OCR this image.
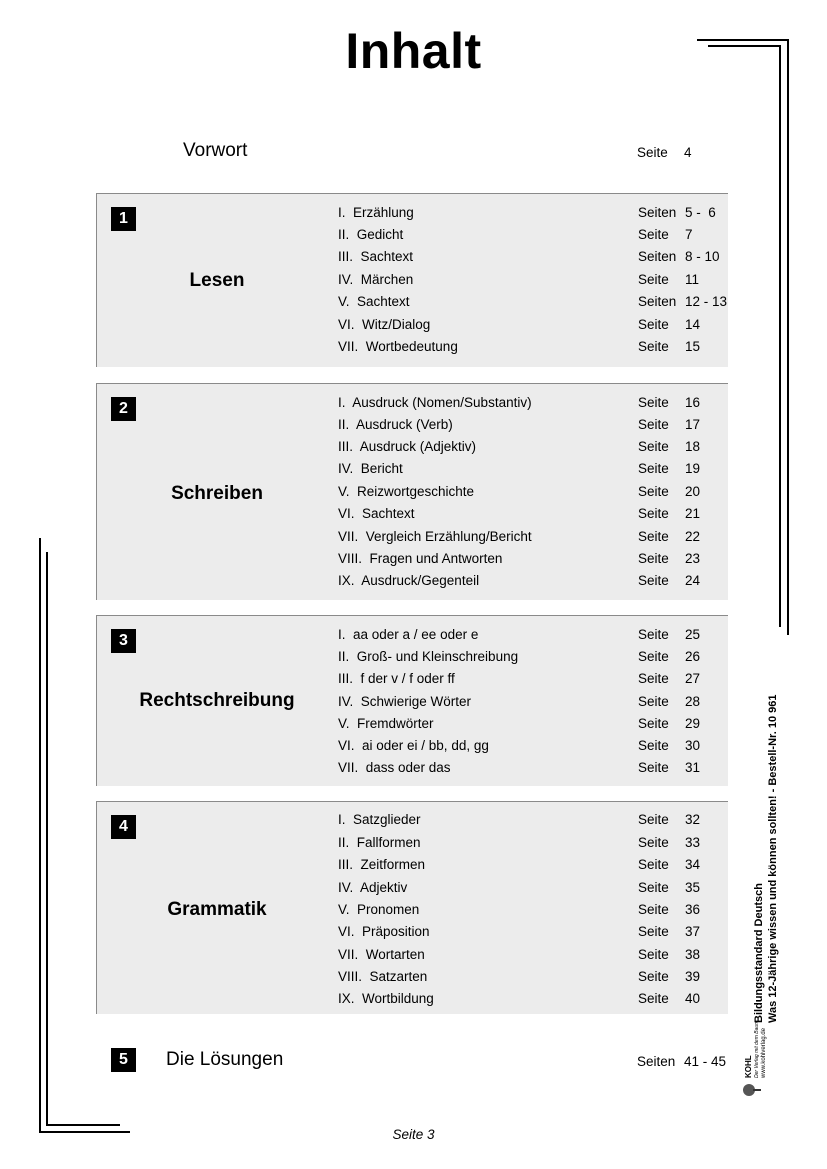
Inhalt
Vorwort	Seite 4
1
Lesen
I.  Erzählung	Seiten 5 -  6
II.  Gedicht	Seite 7
III.  Sachtext	Seiten 8 - 10
IV.  Märchen	Seite 11
V.  Sachtext	Seiten 12 - 13
VI.  Witz/Dialog	Seite 14
VII.  Wortbedeutung	Seite 15
2
Schreiben
I.  Ausdruck (Nomen/Substantiv)	Seite 16
II.  Ausdruck (Verb)	Seite 17
III.  Ausdruck (Adjektiv)	Seite 18
IV.  Bericht	Seite 19
V.  Reizwortgeschichte	Seite 20
VI.  Sachtext	Seite 21
VII.  Vergleich Erzählung/Bericht	Seite 22
VIII.  Fragen und Antworten	Seite 23
IX.  Ausdruck/Gegenteil	Seite 24
3
Rechtschreibung
I.  aa oder a / ee oder e	Seite 25
II.  Groß- und Kleinschreibung	Seite 26
III.  f der v / f oder ff	Seite 27
IV.  Schwierige Wörter	Seite 28
V.  Fremdwörter	Seite 29
VI.  ai oder ei / bb, dd, gg	Seite 30
VII.  dass oder das	Seite 31
4
Grammatik
I.  Satzglieder	Seite 32
II.  Fallformen	Seite 33
III.  Zeitformen	Seite 34
IV.  Adjektiv	Seite 35
V.  Pronomen	Seite 36
VI.  Präposition	Seite 37
VII.  Wortarten	Seite 38
VIII.  Satzarten	Seite 39
IX.  Wortbildung	Seite 40
5	Die Lösungen	Seiten 41 - 45
Bildungsstandard Deutsch Was 12-Jährige wissen und können sollten! - Bestell-Nr. 10 961
KOHL Der Verlag mit dem Baum www.kohlverlag.de
Seite 3
